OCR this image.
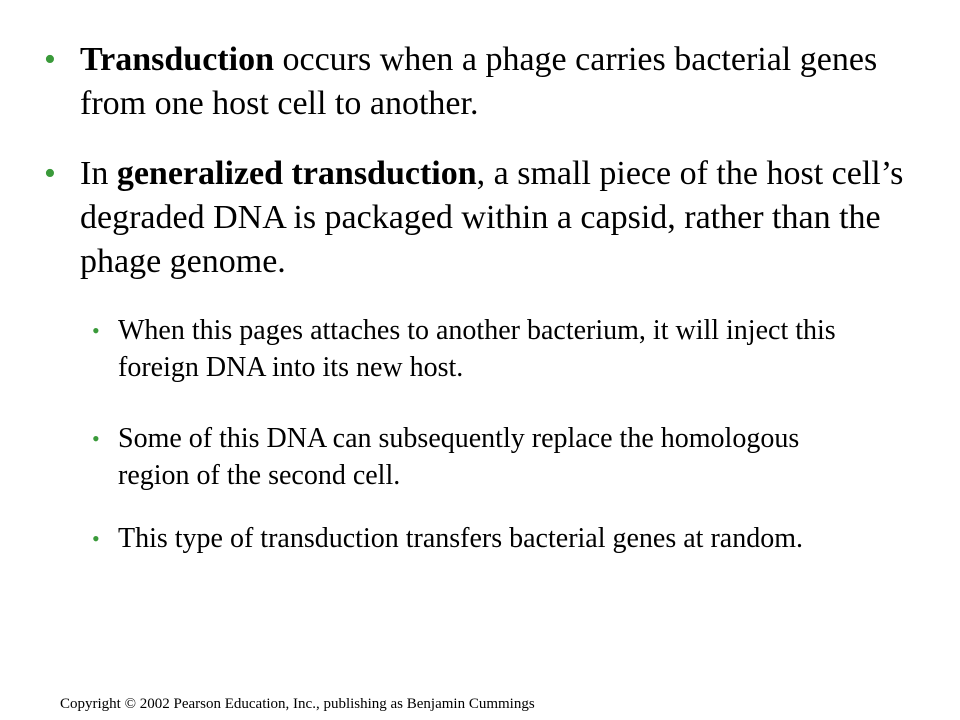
• Transduction occurs when a phage carries bacterial genes from one host cell to another.
• In generalized transduction, a small piece of the host cell’s degraded DNA is packaged within a capsid, rather than the phage genome.
• When this pages attaches to another bacterium, it will inject this foreign DNA into its new host.
• Some of this DNA can subsequently replace the homologous region of the second cell.
• This type of transduction transfers bacterial genes at random.
Copyright © 2002 Pearson Education, Inc., publishing as Benjamin Cummings
